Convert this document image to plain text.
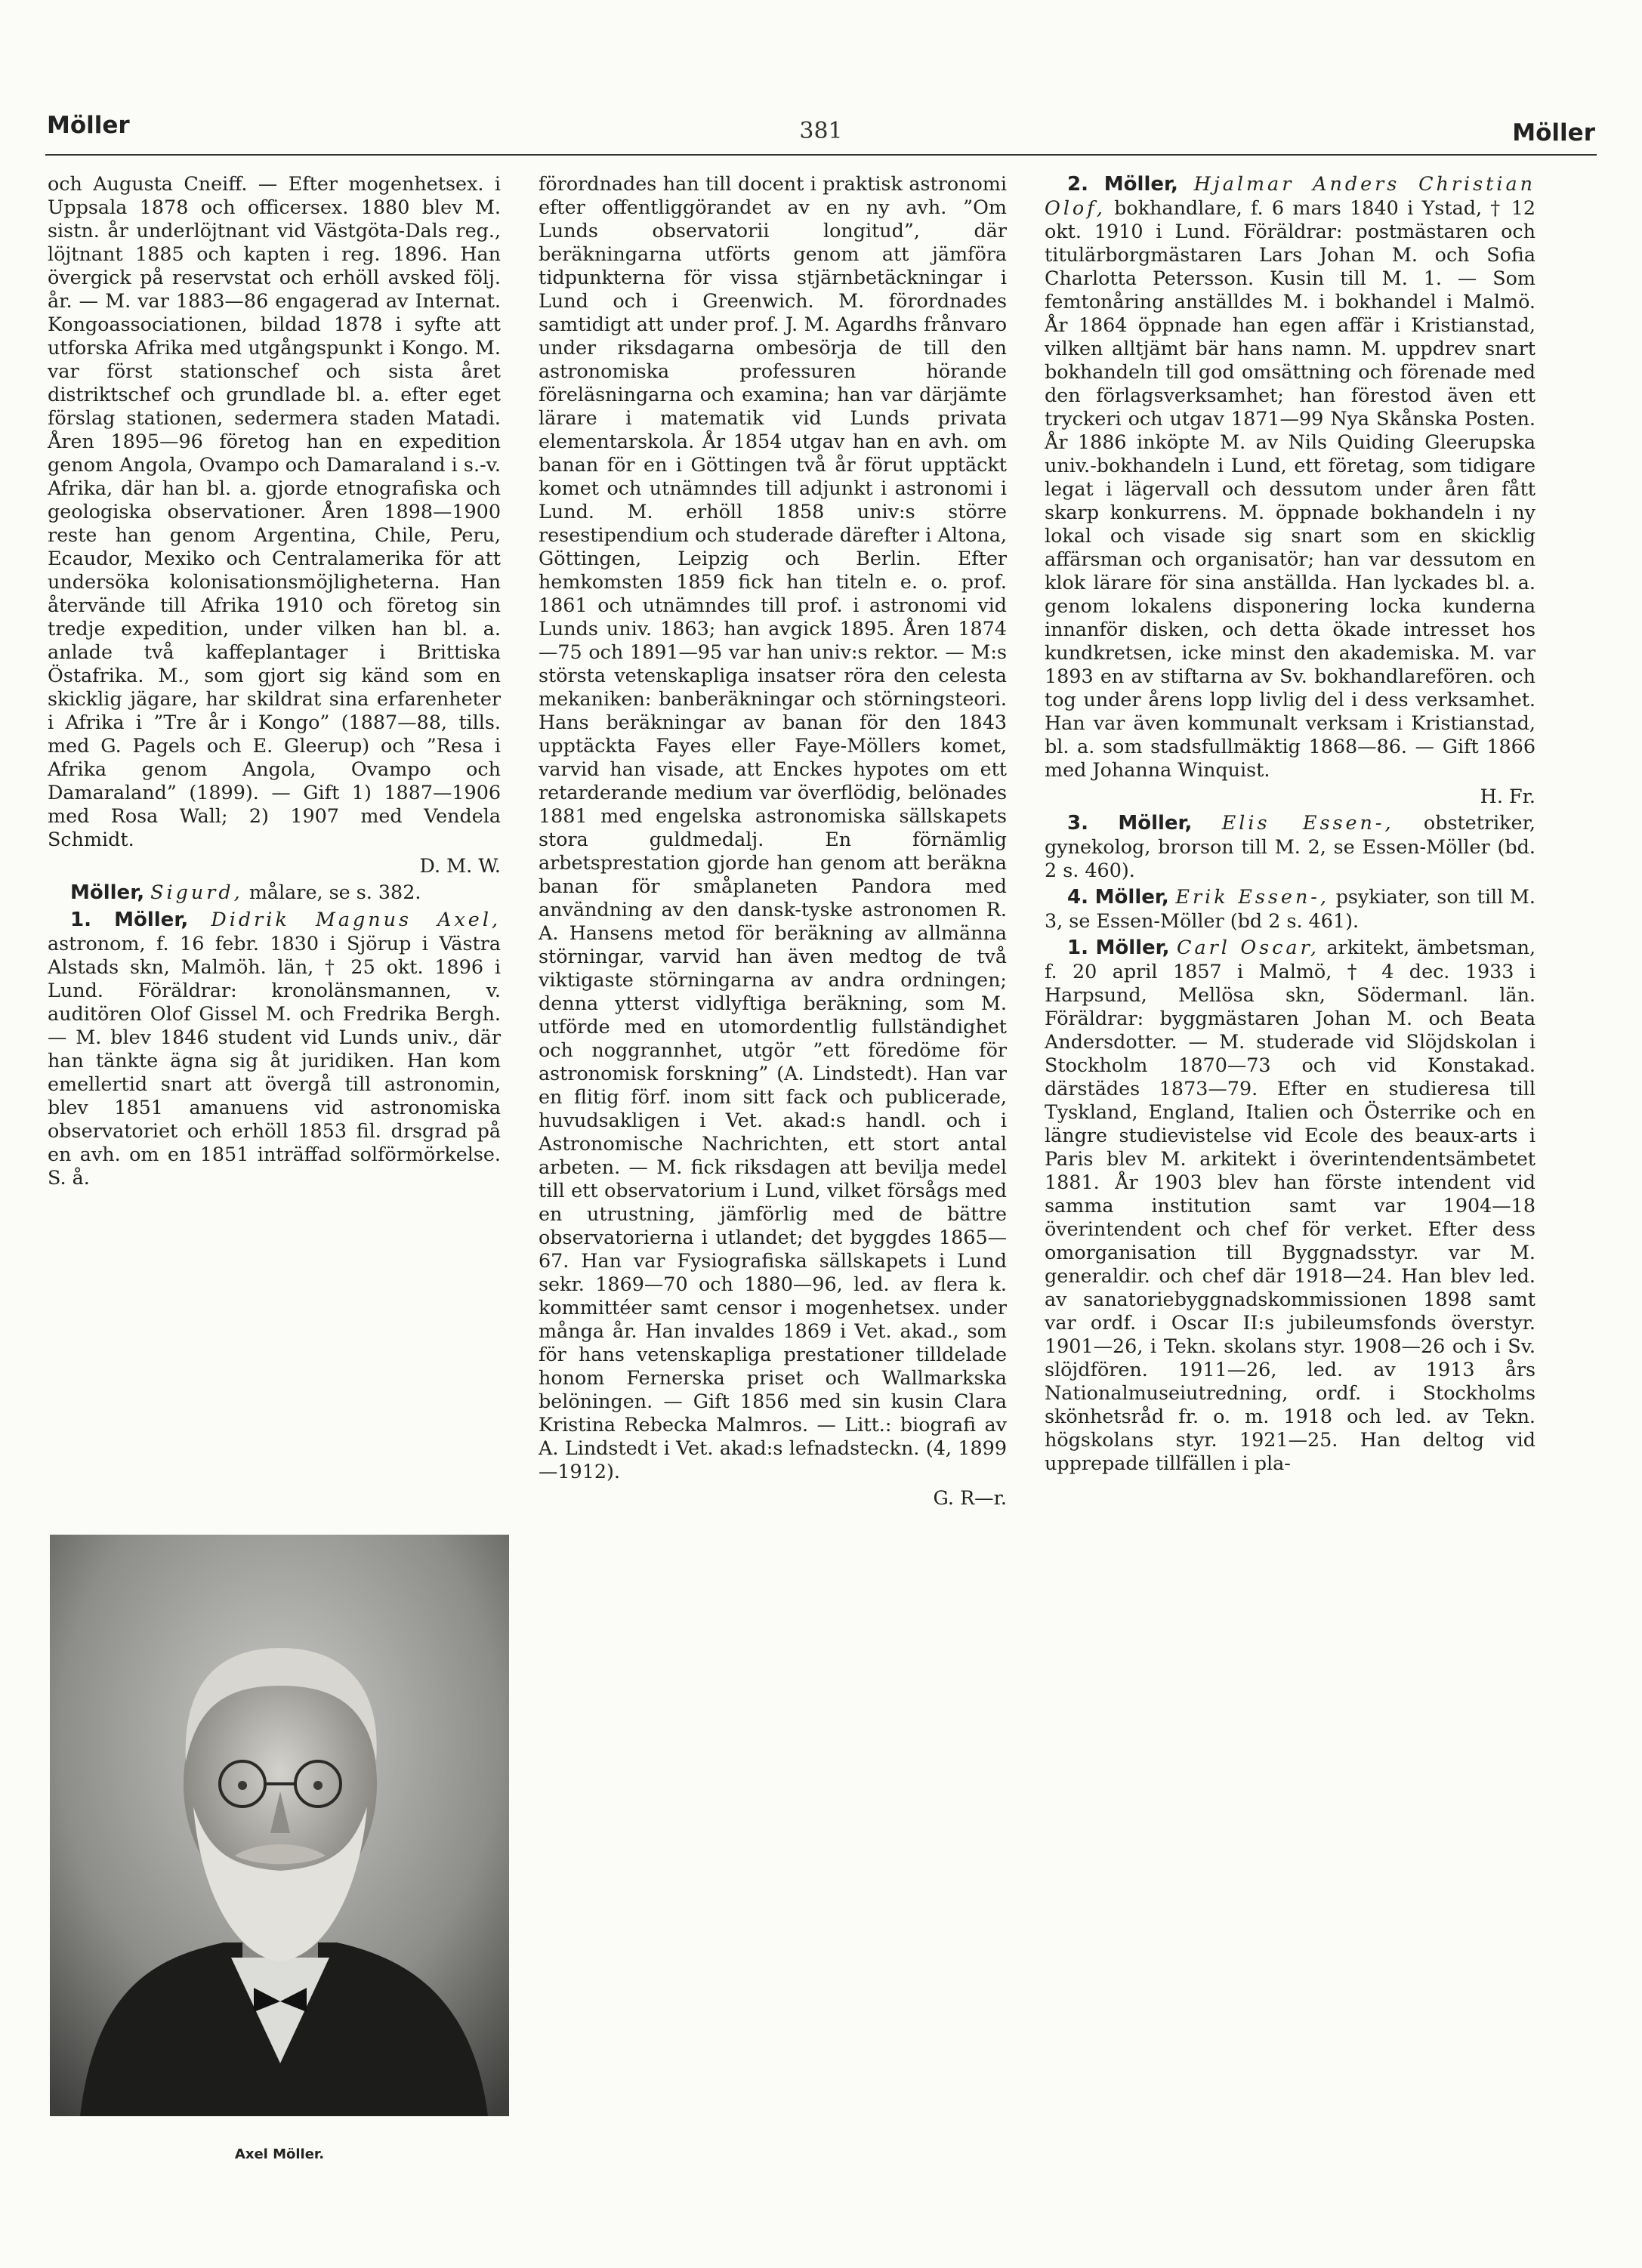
Möller	381	Möller

och Augusta Cneiff. — Efter mogenhetsex. i Uppsala 1878 och officersex. 1880 blev M. sistn. år underlöjtnant vid Västgöta-Dals reg., löjtnant 1885 och kapten i reg. 1896. Han övergick på reservstat och erhöll avsked följ. år. — M. var 1883—86 engagerad av Internat. Kongoassociationen, bildad 1878 i syfte att utforska Afrika med utgångspunkt i Kongo. M. var först stationschef och sista året distriktschef och grundlade bl. a. efter eget förslag stationen, sedermera staden Matadi. Åren 1895—96 företog han en expedition genom Angola, Ovampo och Damaraland i s.-v. Afrika, där han bl. a. gjorde etnografiska och geologiska observationer. Åren 1898—1900 reste han genom Argentina, Chile, Peru, Ecaudor, Mexiko och Centralamerika för att undersöka kolonisationsmöjligheterna. Han återvände till Afrika 1910 och företog sin tredje expedition, under vilken han bl. a. anlade två kaffeplantager i Brittiska Östafrika. M., som gjort sig känd som en skicklig jägare, har skildrat sina erfarenheter i Afrika i ”Tre år i Kongo” (1887—88, tills. med G. Pagels och E. Gleerup) och ”Resa i Afrika genom Angola, Ovampo och Damaraland” (1899). — Gift 1) 1887—1906 med Rosa Wall; 2) 1907 med Vendela Schmidt.

D. M. W.

Möller, Sigurd, målare, se s. 382.

1. Möller, Didrik Magnus Axel, astronom, f. 16 febr. 1830 i Sjörup i Västra Alstads skn, Malmöh. län, † 25 okt. 1896 i Lund. Föräldrar: kronolänsmannen, v. auditören Olof Gissel M. och Fredrika Bergh. — M. blev 1846 student vid Lunds univ., där han tänkte ägna sig åt juridiken. Han kom emellertid snart att övergå till astronomin, blev 1851 amanuens vid astronomiska observatoriet och erhöll 1853 fil. drsgrad på en avh. om en 1851 inträffad solförmörkelse. S. å.

Axel Möller.

förordnades han till docent i praktisk astronomi efter offentliggörandet av en ny avh. ”Om Lunds observatorii longitud”, där beräkningarna utförts genom att jämföra tidpunkterna för vissa stjärnbetäckningar i Lund och i Greenwich. M. förordnades samtidigt att under prof. J. M. Agardhs frånvaro under riksdagarna ombesörja de till den astronomiska professuren hörande föreläsningarna och examina; han var därjämte lärare i matematik vid Lunds privata elementarskola. År 1854 utgav han en avh. om banan för en i Göttingen två år förut upptäckt komet och utnämndes till adjunkt i astronomi i Lund. M. erhöll 1858 univ:s större resestipendium och studerade därefter i Altona, Göttingen, Leipzig och Berlin. Efter hemkomsten 1859 fick han titeln e. o. prof. 1861 och utnämndes till prof. i astronomi vid Lunds univ. 1863; han avgick 1895. Åren 1874—75 och 1891—95 var han univ:s rektor. — M:s största vetenskapliga insatser röra den celesta mekaniken: banberäkningar och störningsteori. Hans beräkningar av banan för den 1843 upptäckta Fayes eller Faye-Möllers komet, varvid han visade, att Enckes hypotes om ett retarderande medium var överflödig, belönades 1881 med engelska astronomiska sällskapets stora guldmedalj. En förnämlig arbetsprestation gjorde han genom att beräkna banan för småplaneten Pandora med användning av den dansk-tyske astronomen R. A. Hansens metod för beräkning av allmänna störningar, varvid han även medtog de två viktigaste störningarna av andra ordningen; denna ytterst vidlyftiga beräkning, som M. utförde med en utomordentlig fullständighet och noggrannhet, utgör ”ett föredöme för astronomisk forskning” (A. Lindstedt). Han var en flitig förf. inom sitt fack och publicerade, huvudsakligen i Vet. akad:s handl. och i Astronomische Nachrichten, ett stort antal arbeten. — M. fick riksdagen att bevilja medel till ett observatorium i Lund, vilket försågs med en utrustning, jämförlig med de bättre observatorierna i utlandet; det byggdes 1865—67. Han var Fysiografiska sällskapets i Lund sekr. 1869—70 och 1880—96, led. av flera k. kommittéer samt censor i mogenhetsex. under många år. Han invaldes 1869 i Vet. akad., som för hans vetenskapliga prestationer tilldelade honom Fernerska priset och Wallmarkska belöningen. — Gift 1856 med sin kusin Clara Kristina Rebecka Malmros. — Litt.: biografi av A. Lindstedt i Vet. akad:s lefnadsteckn. (4, 1899—1912).

G. R—r.

2. Möller, Hjalmar Anders Christian Olof, bokhandlare, f. 6 mars 1840 i Ystad, † 12 okt. 1910 i Lund. Föräldrar: postmästaren och titulärborgmästaren Lars Johan M. och Sofia Charlotta Petersson. Kusin till M. 1. — Som femtonåring anställdes M. i bokhandel i Malmö. År 1864 öppnade han egen affär i Kristianstad, vilken alltjämt bär hans namn. M. uppdrev snart bokhandeln till god omsättning och förenade med den förlagsverksamhet; han förestod även ett tryckeri och utgav 1871—99 Nya Skånska Posten. År 1886 inköpte M. av Nils Quiding Gleerupska univ.-bokhandeln i Lund, ett företag, som tidigare legat i lägervall och dessutom under åren fått skarp konkurrens. M. öppnade bokhandeln i ny lokal och visade sig snart som en skicklig affärsman och organisatör; han var dessutom en klok lärare för sina anställda. Han lyckades bl. a. genom lokalens disponering locka kunderna innanför disken, och detta ökade intresset hos kundkretsen, icke minst den akademiska. M. var 1893 en av stiftarna av Sv. bokhandlarefören. och tog under årens lopp livlig del i dess verksamhet. Han var även kommunalt verksam i Kristianstad, bl. a. som stadsfullmäktig 1868—86. — Gift 1866 med Johanna Winquist.

H. Fr.

3. Möller, Elis Essen-, obstetriker, gynekolog, brorson till M. 2, se Essen-Möller (bd. 2 s. 460).

4. Möller, Erik Essen-, psykiater, son till M. 3, se Essen-Möller (bd 2 s. 461).

1. Möller, Carl Oscar, arkitekt, ämbetsman, f. 20 april 1857 i Malmö, † 4 dec. 1933 i Harpsund, Mellösa skn, Södermanl. län. Föräldrar: byggmästaren Johan M. och Beata Andersdotter. — M. studerade vid Slöjdskolan i Stockholm 1870—73 och vid Konstakad. därstädes 1873—79. Efter en studieresa till Tyskland, England, Italien och Österrike och en längre studievistelse vid Ecole des beaux-arts i Paris blev M. arkitekt i överintendentsämbetet 1881. År 1903 blev han förste intendent vid samma institution samt var 1904—18 överintendent och chef för verket. Efter dess omorganisation till Byggnadsstyr. var M. generaldir. och chef där 1918—24. Han blev led. av sanatoriebyggnadskommissionen 1898 samt var ordf. i Oscar II:s jubileumsfonds överstyr. 1901—26, i Tekn. skolans styr. 1908—26 och i Sv. slöjdfören. 1911—26, led. av 1913 års Nationalmuseiutredning, ordf. i Stockholms skönhetsråd fr. o. m. 1918 och led. av Tekn. högskolans styr. 1921—25. Han deltog vid upprepade tillfällen i pla-
